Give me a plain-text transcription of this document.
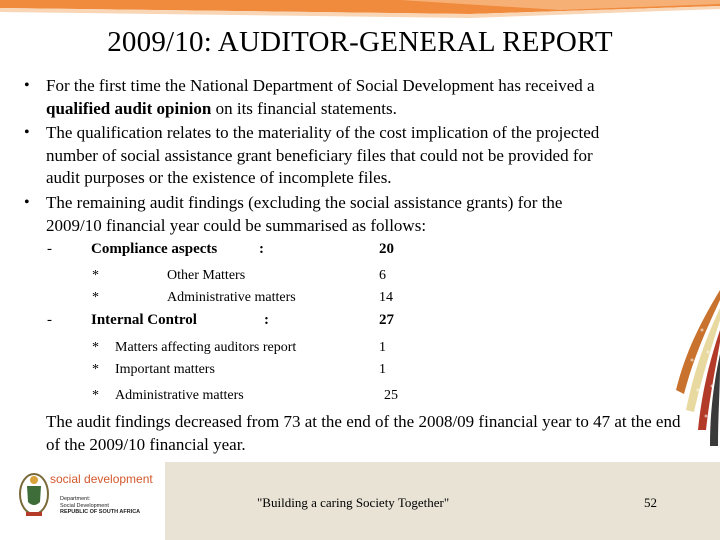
2009/10: AUDITOR-GENERAL REPORT
• For the first time the National Department of Social Development has received a
qualified audit opinion on its financial statements.
• The qualification relates to the materiality of the cost implication of the projected
number of social assistance grant beneficiary files that could not be provided for
audit purposes or the existence of incomplete files.
• The remaining audit findings (excluding the social assistance grants) for the
2009/10 financial year could be summarised as follows:
-	Compliance aspects	:	20
*	Other Matters	6
*	Administrative matters	14
-	Internal Control	:	27
* Matters affecting auditors report	1
* Important matters	1
* Administrative matters	25
The audit findings decreased from 73 at the end of the 2008/09 financial year to 47 at the end of the 2009/10 financial year.
social development
Department:
Social Development
REPUBLIC OF SOUTH AFRICA
"Building a caring Society Together"	52
